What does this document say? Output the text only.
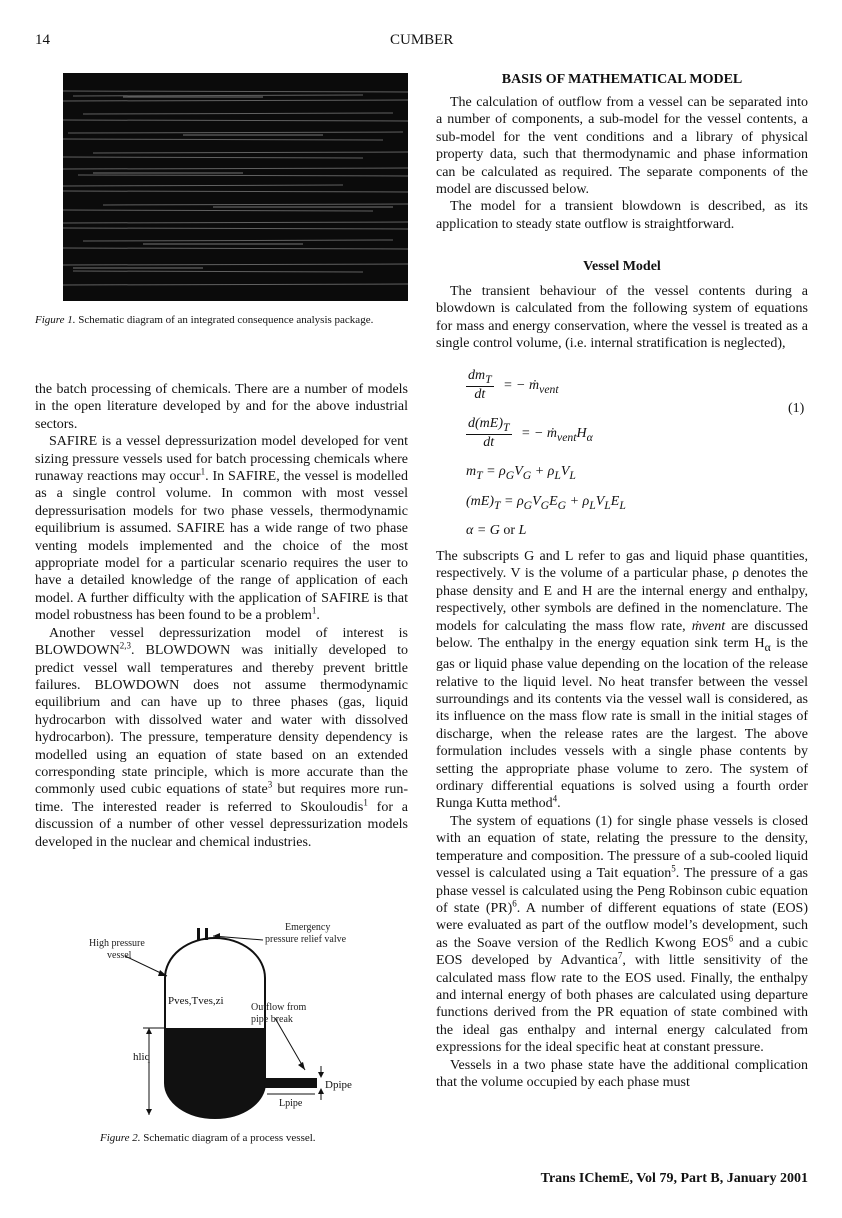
14	CUMBER
Figure 1. Schematic diagram of an integrated consequence analysis package.

the batch processing of chemicals. There are a number of models in the open literature developed by and for the above industrial sectors.

SAFIRE is a vessel depressurization model developed for vent sizing pressure vessels used for batch processing chemicals where runaway reactions may occur$^1$. In SAFIRE, the vessel is modelled as a single control volume. In common with most vessel depressurisation models for two phase vessels, thermodynamic equilibrium is assumed. SAFIRE has a wide range of two phase venting models implemented and the choice of the most appropriate model for a particular scenario requires the user to have a detailed knowledge of the range of application of each model. A further difficulty with the application of SAFIRE is that model robustness has been found to be a problem$^1$.

Another vessel depressurization model of interest is BLOWDOWN$^{2,3}$. BLOWDOWN was initially developed to predict vessel wall temperatures and thereby prevent brittle failures. BLOWDOWN does not assume thermodynamic equilibrium and can have up to three phases (gas, liquid hydrocarbon with dissolved water and water with dissolved hydrocarbon). The pressure, temperature density dependency is modelled using an equation of state based on an extended corresponding state principle, which is more accurate than the commonly used cubic equations of state$^3$ but requires more run-time. The interested reader is referred to Skouloudis$^1$ for a discussion of a number of other vessel depressurization models developed in the nuclear and chemical industries.

High pressure
vessel
Emergency
pressure relief valve
Pves,Tves,zi
Outflow from
pipe break
hliq
Dpipe
Lpipe
Figure 2. Schematic diagram of a process vessel.
BASIS OF MATHEMATICAL MODEL

The calculation of outflow from a vessel can be separated into a number of components, a sub-model for the vessel contents, a sub-model for the vent conditions and a library of physical property data, such that thermodynamic and phase information can be calculated as required. The separate components of the model are discussed below.

The model for a transient blowdown is described, as its application to steady state outflow is straightforward.

Vessel Model

The transient behaviour of the vessel contents during a blowdown is calculated from the following system of equations for mass and energy conservation, where the vessel is treated as a single control volume, (i.e. internal stratification is neglected),

$\frac{dm_T}{dt}$ = − ṁ$_{vent}$
$\frac{d(mE)_T}{dt}$ = − $ṁ_{vent}H_\alpha$
$m_T = \rho_GV_G + \rho_LV_L$
$(mE)_T = \rho_GV_GE_G + \rho_LV_LE_L$
α = G or L
(1)

The subscripts G and L refer to gas and liquid phase quantities, respectively. V is the volume of a particular phase, ρ denotes the phase density and E and H are the internal energy and enthalpy, respectively, other symbols are defined in the nomenclature. The models for calculating the mass flow rate, ṁvent are discussed below. The enthalpy in the energy equation sink term $H_\alpha$ is the gas or liquid phase value depending on the location of the release relative to the liquid level. No heat transfer between the vessel surroundings and its contents via the vessel wall is considered, as its influence on the mass flow rate is small in the initial stages of discharge, when the release rates are the largest. The above formulation includes vessels with a single phase contents by setting the appropriate phase volume to zero. The system of ordinary differential equations is solved using a fourth order Runga Kutta method$^4$.

The system of equations (1) for single phase vessels is closed with an equation of state, relating the pressure to the density, temperature and composition. The pressure of a sub-cooled liquid vessel is calculated using a Tait equation$^5$. The pressure of a gas phase vessel is calculated using the Peng Robinson cubic equation of state (PR)$^6$. A number of different equations of state (EOS) were evaluated as part of the outflow model’s development, such as the Soave version of the Redlich Kwong EOS$^6$ and a cubic EOS developed by Advantica$^7$, with little sensitivity of the calculated mass flow rate to the EOS used. Finally, the enthalpy and internal energy of both phases are calculated using departure functions derived from the PR equation of state combined with the ideal gas enthalpy and internal energy calculated from expressions for the ideal specific heat at constant pressure.

Vessels in a two phase state have the additional complication that the volume occupied by each phase must

Trans IChemE, Vol 79, Part B, January 2001
